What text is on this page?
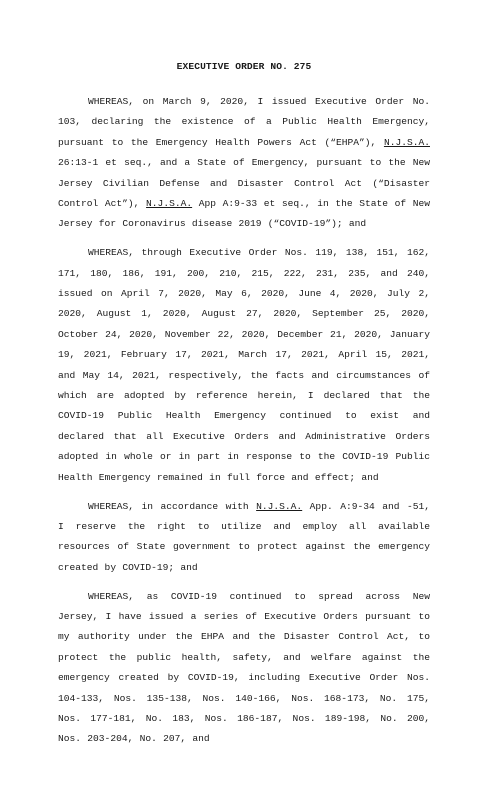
EXECUTIVE ORDER NO. 275

WHEREAS, on March 9, 2020, I issued Executive Order No. 103, declaring the existence of a Public Health Emergency, pursuant to the Emergency Health Powers Act (“EHPA”), N.J.S.A. 26:13-1 et seq., and a State of Emergency, pursuant to the New Jersey Civilian Defense and Disaster Control Act (“Disaster Control Act”), N.J.S.A. App A:9-33 et seq., in the State of New Jersey for Coronavirus disease 2019 (“COVID-19”); and

WHEREAS, through Executive Order Nos. 119, 138, 151, 162, 171, 180, 186, 191, 200, 210, 215, 222, 231, 235, and 240, issued on April 7, 2020, May 6, 2020, June 4, 2020, July 2, 2020, August 1, 2020, August 27, 2020, September 25, 2020, October 24, 2020, November 22, 2020, December 21, 2020, January 19, 2021, February 17, 2021, March 17, 2021, April 15, 2021, and May 14, 2021, respectively, the facts and circumstances of which are adopted by reference herein, I declared that the COVID-19 Public Health Emergency continued to exist and declared that all Executive Orders and Administrative Orders adopted in whole or in part in response to the COVID-19 Public Health Emergency remained in full force and effect; and

WHEREAS, in accordance with N.J.S.A. App. A:9-34 and -51, I reserve the right to utilize and employ all available resources of State government to protect against the emergency created by COVID-19; and

WHEREAS, as COVID-19 continued to spread across New Jersey, I have issued a series of Executive Orders pursuant to my authority under the EHPA and the Disaster Control Act, to protect the public health, safety, and welfare against the emergency created by COVID-19, including Executive Order Nos. 104-133, Nos. 135-138, Nos. 140-166, Nos. 168-173, No. 175, Nos. 177-181, No. 183, Nos. 186-187, Nos. 189-198, No. 200, Nos. 203-204, No. 207, and
